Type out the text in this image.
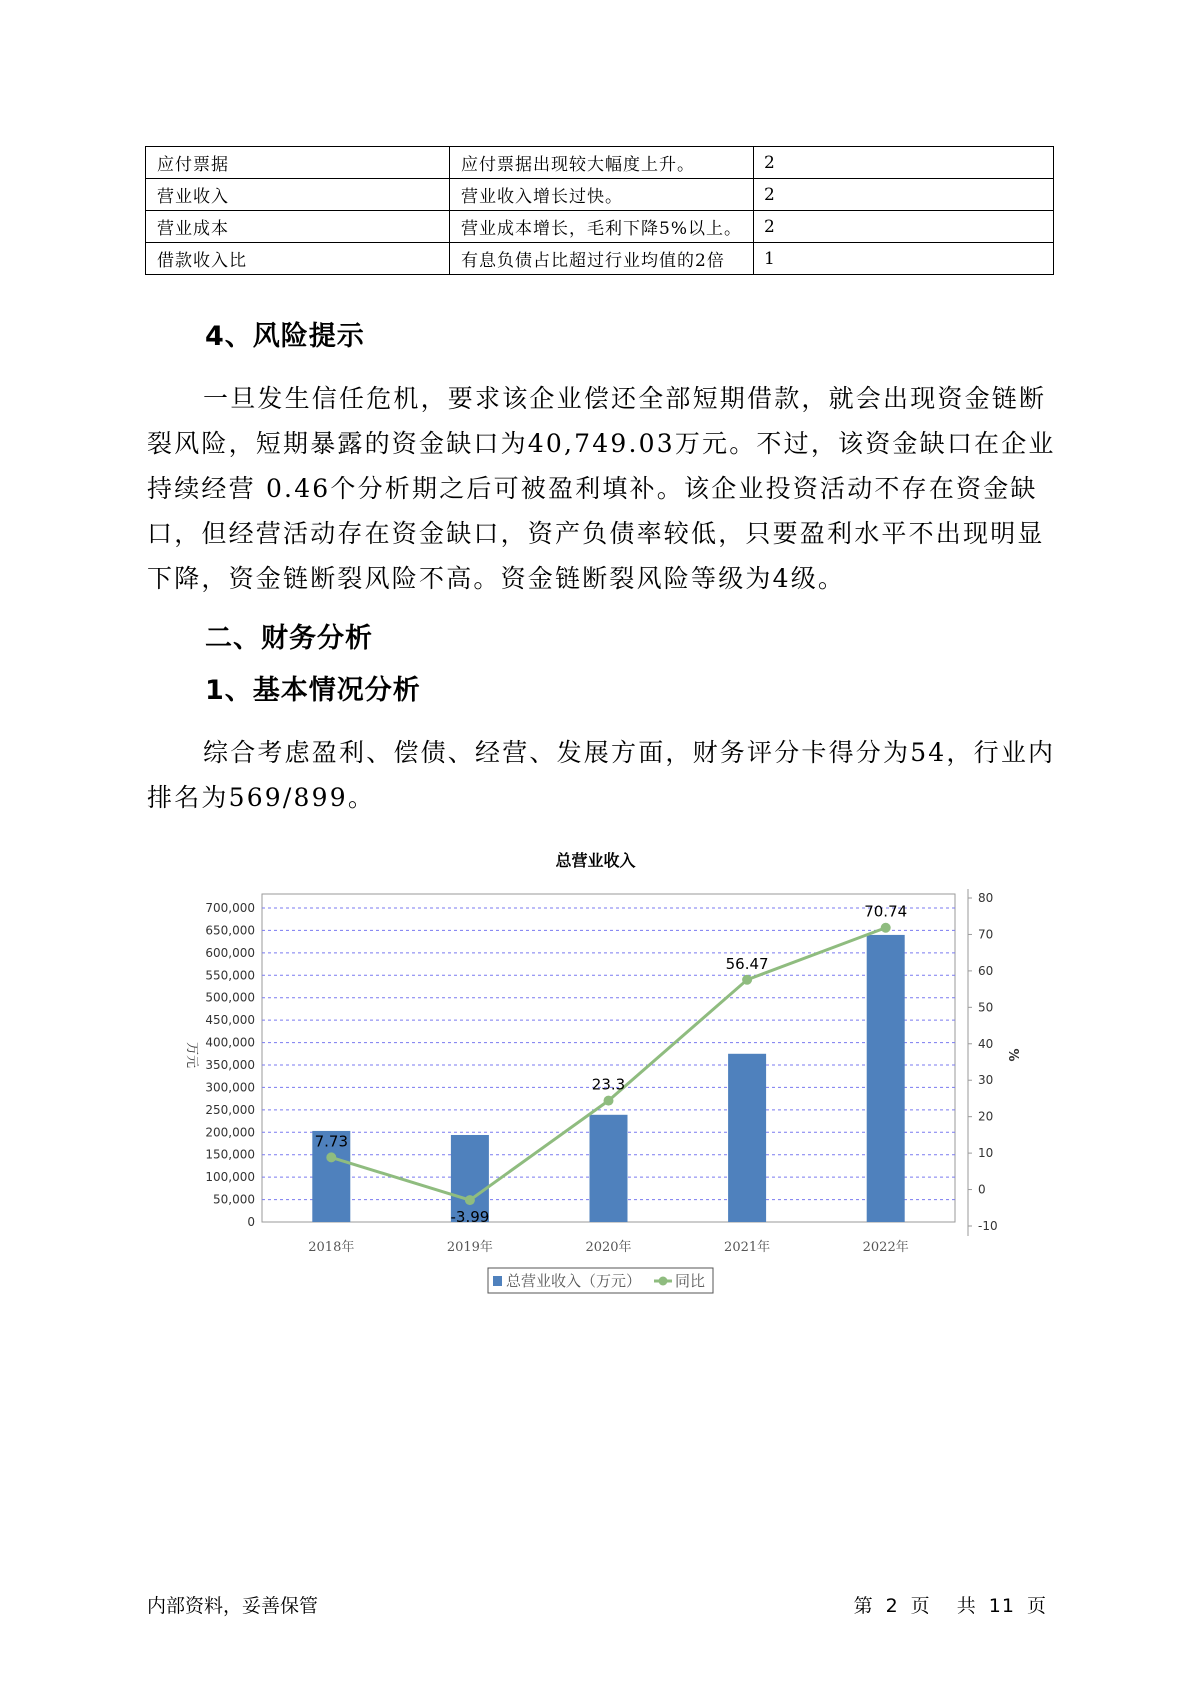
应付票据	应付票据出现较大幅度上升。	2
营业收入	营业收入增长过快。	2
营业成本	营业成本增长，毛利下降5%以上。	2
借款收入比	有息负债占比超过行业均值的2倍	1
4、风险提示

一旦发生信任危机，要求该企业偿还全部短期借款，就会出现资金链断裂风险，短期暴露的资金缺口为40,749.03万元。不过，该资金缺口在企业持续经营 0.46个分析期之后可被盈利填补。该企业投资活动不存在资金缺口，但经营活动存在资金缺口，资产负债率较低，只要盈利水平不出现明显下降，资金链断裂风险不高。资金链断裂风险等级为4级。

二、财务分析
1、基本情况分析

综合考虑盈利、偿债、经营、发展方面，财务评分卡得分为54，行业内排名为569/899。

总营业收入
0
50,000
100,000
150,000
200,000
250,000
300,000
350,000
400,000
450,000
500,000
550,000
600,000
650,000
700,000
-10
0
10
20
30
40
50
60
70
80
万元	%
2018年	2019年	2020年	2021年	2022年
7.73
-3.99
23.3
56.47
70.74
总营业收入（万元） 同比
内部资料，妥善保管	第 2 页 共 11 页
